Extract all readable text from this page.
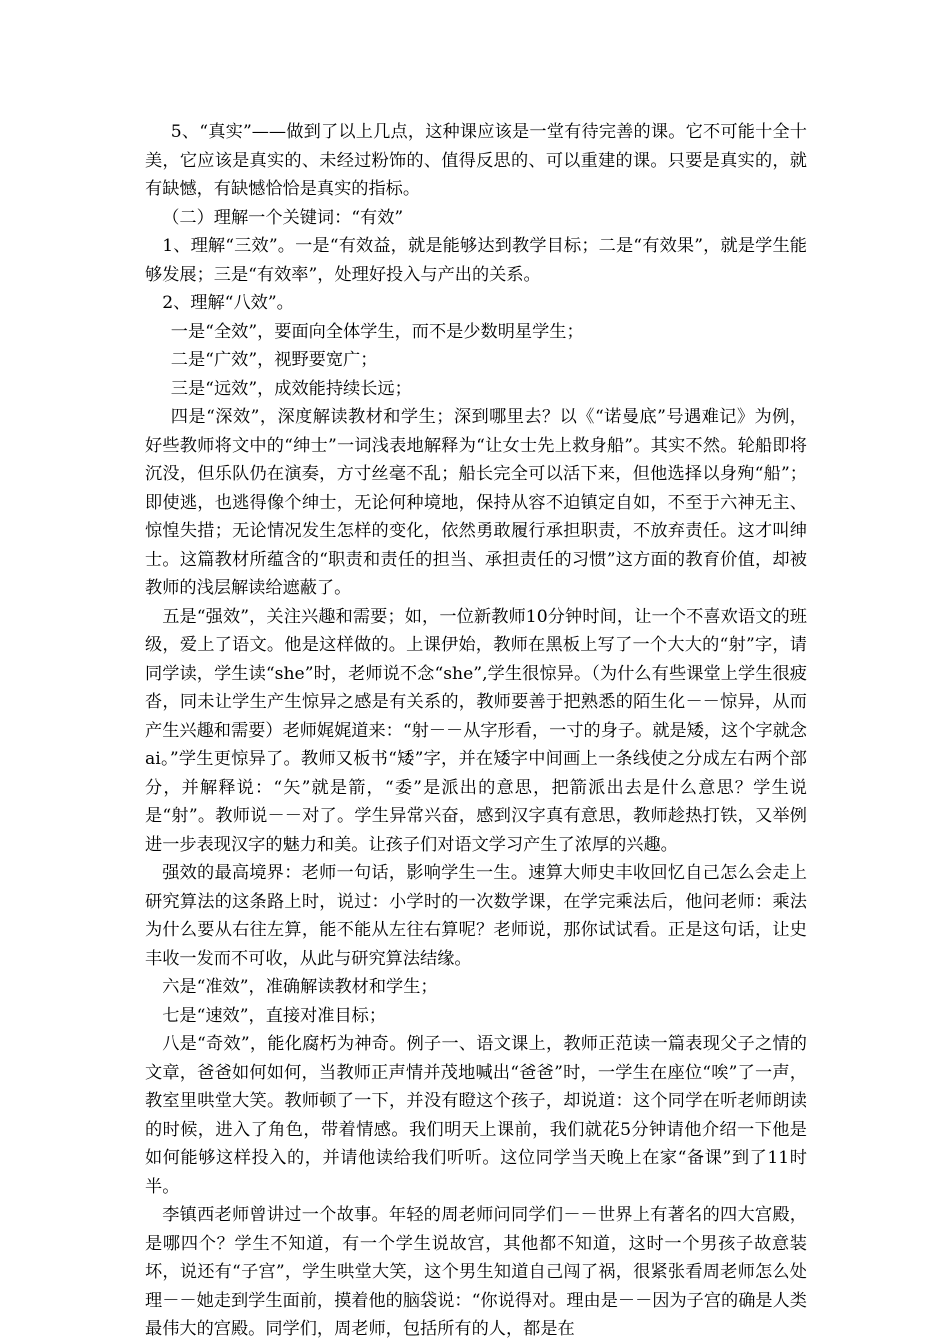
5、“真实”——做到了以上几点，这种课应该是一堂有待完善的课。它不可能十全十美，它应该是真实的、未经过粉饰的、值得反思的、可以重建的课。只要是真实的，就有缺憾，有缺憾恰恰是真实的指标。

（二）理解一个关键词：“有效”

1、理解“三效”。一是“有效益，就是能够达到教学目标；二是“有效果”，就是学生能够发展；三是“有效率”，处理好投入与产出的关系。

2、理解“八效”。

一是“全效”，要面向全体学生，而不是少数明星学生；

二是“广效”，视野要宽广；

三是“远效”，成效能持续长远；

四是“深效”，深度解读教材和学生；深到哪里去？以《“诺曼底”号遇难记》为例，好些教师将文中的“绅士”一词浅表地解释为“让女士先上救身船”。其实不然。轮船即将沉没，但乐队仍在演奏，方寸丝毫不乱；船长完全可以活下来，但他选择以身殉“船”；即使逃，也逃得像个绅士，无论何种境地，保持从容不迫镇定自如，不至于六神无主、惊惶失措；无论情况发生怎样的变化，依然勇敢履行承担职责，不放弃责任。这才叫绅士。这篇教材所蕴含的“职责和责任的担当、承担责任的习惯”这方面的教育价值，却被教师的浅层解读给遮蔽了。

五是“强效”，关注兴趣和需要；如，一位新教师10分钟时间，让一个不喜欢语文的班级，爱上了语文。他是这样做的。上课伊始，教师在黑板上写了一个大大的“射”字，请同学读，学生读“she”时，老师说不念“she”,学生很惊异。（为什么有些课堂上学生很疲沓，同未让学生产生惊异之感是有关系的，教师要善于把熟悉的陌生化－－惊异，从而产生兴趣和需要）老师娓娓道来：“射－－从字形看，一寸的身子。就是矮，这个字就念ai。”学生更惊异了。教师又板书“矮”字，并在矮字中间画上一条线使之分成左右两个部分，并解释说：“矢”就是箭，“委”是派出的意思，把箭派出去是什么意思？学生说是“射”。教师说－－对了。学生异常兴奋，感到汉字真有意思，教师趁热打铁，又举例进一步表现汉字的魅力和美。让孩子们对语文学习产生了浓厚的兴趣。

强效的最高境界：老师一句话，影响学生一生。速算大师史丰收回忆自己怎么会走上研究算法的这条路上时，说过：小学时的一次数学课，在学完乘法后，他问老师：乘法为什么要从右往左算，能不能从左往右算呢？老师说，那你试试看。正是这句话，让史丰收一发而不可收，从此与研究算法结缘。

六是“准效”，准确解读教材和学生；

七是“速效”，直接对准目标；

八是“奇效”，能化腐朽为神奇。例子一、语文课上，教师正范读一篇表现父子之情的文章，爸爸如何如何，当教师正声情并茂地喊出“爸爸”时，一学生在座位“唉”了一声，教室里哄堂大笑。教师顿了一下，并没有瞪这个孩子，却说道：这个同学在听老师朗读的时候，进入了角色，带着情感。我们明天上课前，我们就花5分钟请他介绍一下他是如何能够这样投入的，并请他读给我们听听。这位同学当天晚上在家“备课”到了11时半。

李镇西老师曾讲过一个故事。年轻的周老师问同学们－－世界上有著名的四大宫殿，是哪四个？学生不知道，有一个学生说故宫，其他都不知道，这时一个男孩子故意装坏，说还有“子宫”，学生哄堂大笑，这个男生知道自己闯了祸，很紧张看周老师怎么处理－－她走到学生面前，摸着他的脑袋说：“你说得对。理由是－－因为子宫的确是人类最伟大的宫殿。同学们，周老师，包括所有的人，都是在
